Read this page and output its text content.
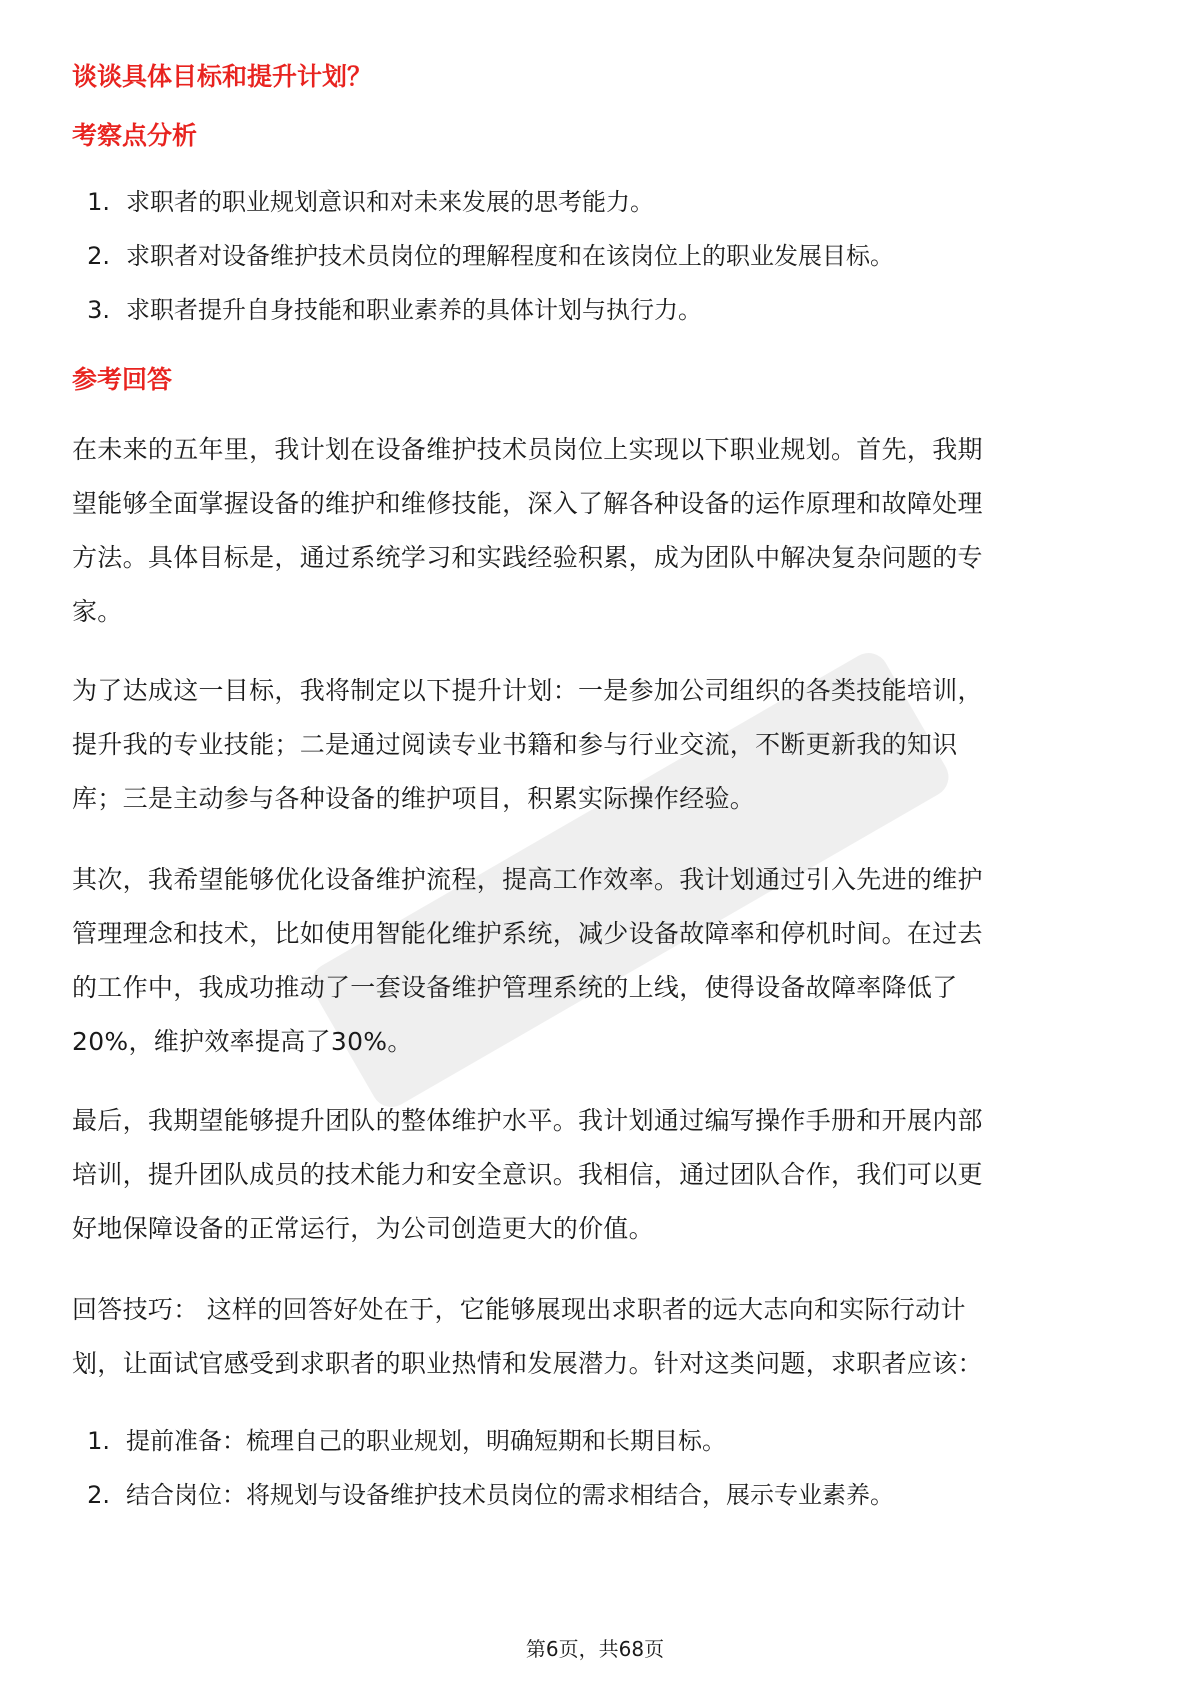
谈谈具体目标和提升计划？
考察点分析
1. 求职者的职业规划意识和对未来发展的思考能力。
2. 求职者对设备维护技术员岗位的理解程度和在该岗位上的职业发展目标。
3. 求职者提升自身技能和职业素养的具体计划与执行力。
参考回答

在未来的五年里，我计划在设备维护技术员岗位上实现以下职业规划。首先，我期

望能够全面掌握设备的维护和维修技能，深入了解各种设备的运作原理和故障处理

方法。具体目标是，通过系统学习和实践经验积累，成为团队中解决复杂问题的专

家。

为了达成这一目标，我将制定以下提升计划：一是参加公司组织的各类技能培训，

提升我的专业技能；二是通过阅读专业书籍和参与行业交流，不断更新我的知识

库；三是主动参与各种设备的维护项目，积累实际操作经验。

其次，我希望能够优化设备维护流程，提高工作效率。我计划通过引入先进的维护

管理理念和技术，比如使用智能化维护系统，减少设备故障率和停机时间。在过去

的工作中，我成功推动了一套设备维护管理系统的上线，使得设备故障率降低了

20%，维护效率提高了30%。

最后，我期望能够提升团队的整体维护水平。我计划通过编写操作手册和开展内部

培训，提升团队成员的技术能力和安全意识。我相信，通过团队合作，我们可以更

好地保障设备的正常运行，为公司创造更大的价值。

回答技巧： 这样的回答好处在于，它能够展现出求职者的远大志向和实际行动计

划，让面试官感受到求职者的职业热情和发展潜力。针对这类问题，求职者应该：

1. 提前准备：梳理自己的职业规划，明确短期和长期目标。
2. 结合岗位：将规划与设备维护技术员岗位的需求相结合，展示专业素养。
第6页，共68页
